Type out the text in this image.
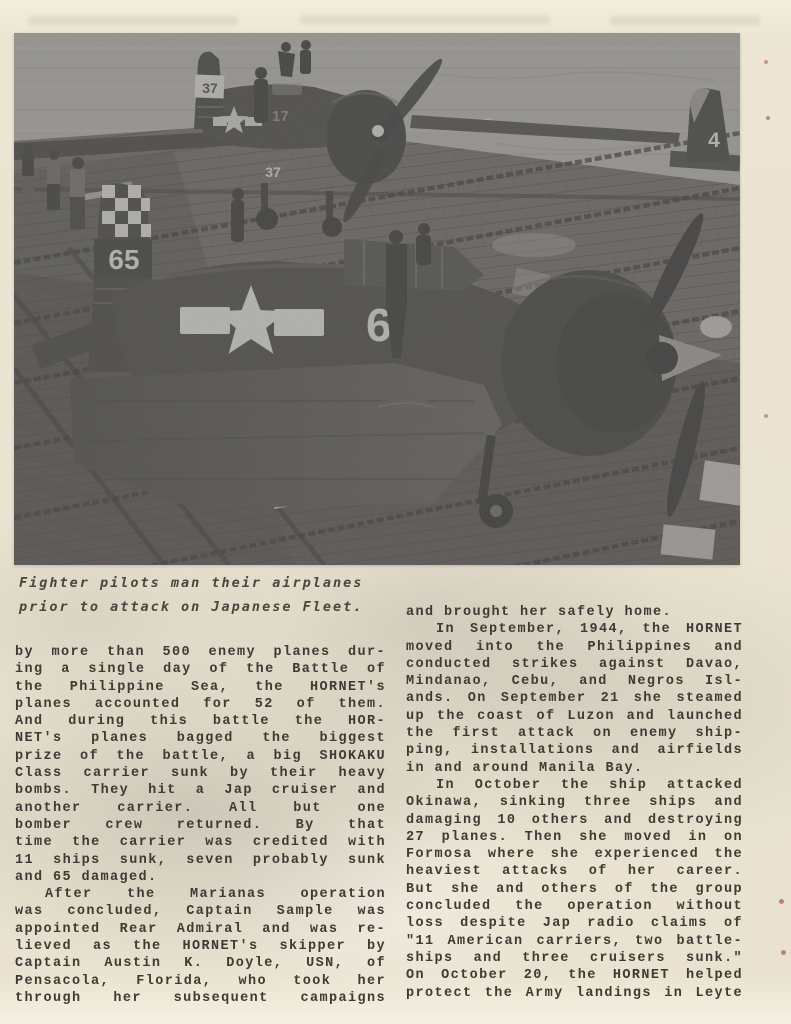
Fighter pilots man their airplanes
prior to attack on Japanese Fleet.
by more than 500 enemy planes dur-
ing a single day of the Battle of
the Philippine Sea, the HORNET's
planes accounted for 52 of them.
And during this battle the HOR-
NET's planes bagged the biggest
prize of the battle, a big SHOKAKU
Class carrier sunk by their heavy
bombs. They hit a Jap cruiser and
another carrier. All but one
bomber crew returned. By that
time the carrier was credited with
11 ships sunk, seven probably sunk
and 65 damaged.
After the Marianas operation
was concluded, Captain Sample was
appointed Rear Admiral and was re-
lieved as the HORNET's skipper by
Captain Austin K. Doyle, USN, of
Pensacola, Florida, who took her
through her subsequent campaigns
and brought her safely home.
In September, 1944, the HORNET
moved into the Philippines and
conducted strikes against Davao,
Mindanao, Cebu, and Negros Isl-
ands. On September 21 she steamed
up the coast of Luzon and launched
the first attack on enemy ship-
ping, installations and airfields
in and around Manila Bay.
In October the ship attacked
Okinawa, sinking three ships and
damaging 10 others and destroying
27 planes. Then she moved in on
Formosa where she experienced the
heaviest attacks of her career.
But she and others of the group
concluded the operation without
loss despite Jap radio claims of
"11 American carriers, two battle-
ships and three cruisers sunk."
On October 20, the HORNET helped
protect the Army landings in Leyte
